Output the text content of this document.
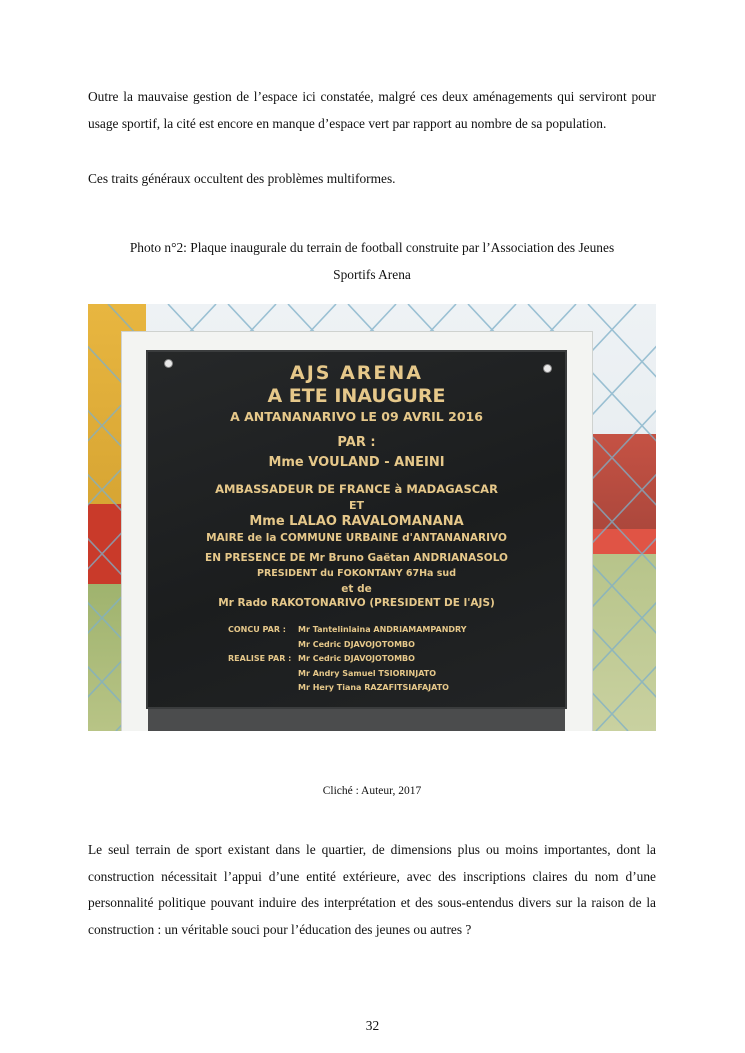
Outre la mauvaise gestion de l’espace ici constatée, malgré ces deux aménagements qui serviront pour usage sportif, la cité est encore en manque d’espace vert par rapport au nombre de sa population.

Ces traits généraux occultent des problèmes multiformes.

Photo n°2: Plaque inaugurale du terrain de football construite par l’Association des Jeunes
Sportifs Arena
AJS ARENA
A ETE INAUGURE
A ANTANANARIVO LE 09 AVRIL 2016
PAR :
Mme VOULAND - ANEINI
AMBASSADEUR DE FRANCE à MADAGASCAR
ET
Mme LALAO RAVALOMANANA
MAIRE de la COMMUNE URBAINE d'ANTANANARIVO
EN PRESENCE DE Mr Bruno Gaëtan ANDRIANASOLO
PRESIDENT du FOKONTANY 67Ha sud
et de
Mr Rado RAKOTONARIVO (PRESIDENT DE l'AJS)
CONCU PAR :	Mr Tantelinlaina ANDRIAMAMPANDRY
Mr Cedric DJAVOJOTOMBO
REALISE PAR : Mr Cedric DJAVOJOTOMBO
Mr Andry Samuel TSIORINJATO
Mr Hery Tiana RAZAFITSIAFAJATO
Cliché : Auteur, 2017

Le seul terrain de sport existant dans le quartier, de dimensions plus ou moins importantes, dont la construction nécessitait l’appui d’une entité extérieure, avec des inscriptions claires du nom d’une personnalité politique pouvant induire des interprétation et des sous-entendus divers sur la raison de la construction : un véritable souci pour l’éducation des jeunes ou autres ?

32
